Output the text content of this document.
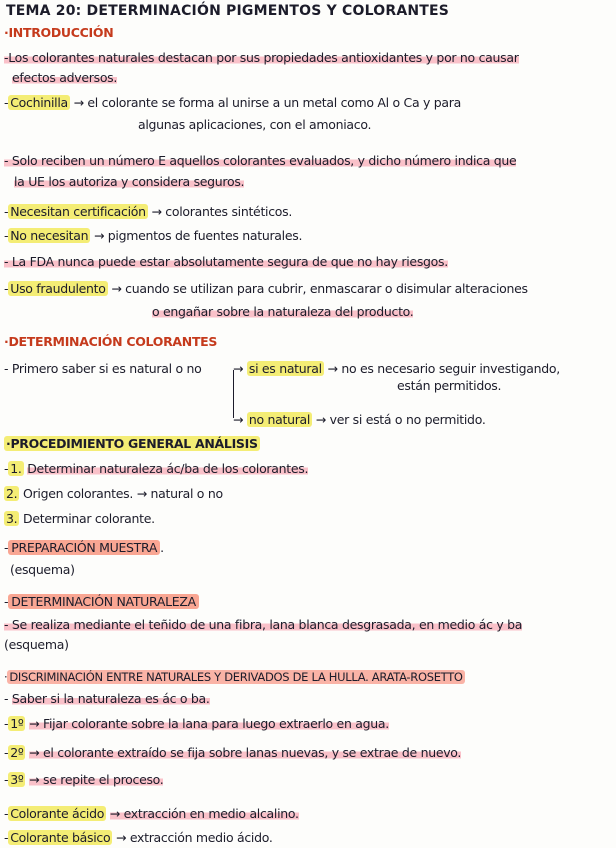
TEMA 20: DETERMINACIÓN PIGMENTOS Y COLORANTES
·INTRODUCCIÓN
-Los colorantes naturales destacan por sus propiedades antioxidantes y por no causar
efectos adversos.
- Cochinilla → el colorante se forma al unirse a un metal como Al o Ca y para
algunas aplicaciones, con el amoniaco.
- Solo reciben un número E aquellos colorantes evaluados, y dicho número indica que
la UE los autoriza y considera seguros.
- Necesitan certificación → colorantes sintéticos.
- No necesitan → pigmentos de fuentes naturales.
- La FDA nunca puede estar absolutamente segura de que no hay riesgos.
- Uso fraudulento → cuando se utilizan para cubrir, enmascarar o disimular alteraciones
o engañar sobre la naturaleza del producto.
·DETERMINACIÓN COLORANTES
- Primero saber si es natural o no	→ si es natural → no es necesario seguir investigando,
están permitidos.
→ no natural → ver si está o no permitido.
·PROCEDIMIENTO GENERAL ANÁLISIS
- 1. Determinar naturaleza ác/ba de los colorantes.
2. Origen colorantes. → natural o no
3. Determinar colorante.
- PREPARACIÓN MUESTRA .
(esquema)
- DETERMINACIÓN NATURALEZA
- Se realiza mediante el teñido de una fibra, lana blanca desgrasada, en medio ác y ba
(esquema)
· DISCRIMINACIÓN ENTRE NATURALES Y DERIVADOS DE LA HULLA. ARATA-ROSETTO
- Saber si la naturaleza es ác o ba.
- 1º → Fijar colorante sobre la lana para luego extraerlo en agua.
- 2º → el colorante extraído se fija sobre lanas nuevas, y se extrae de nuevo.
- 3º → se repite el proceso.
- Colorante ácido → extracción en medio alcalino.
- Colorante básico → extracción medio ácido.
